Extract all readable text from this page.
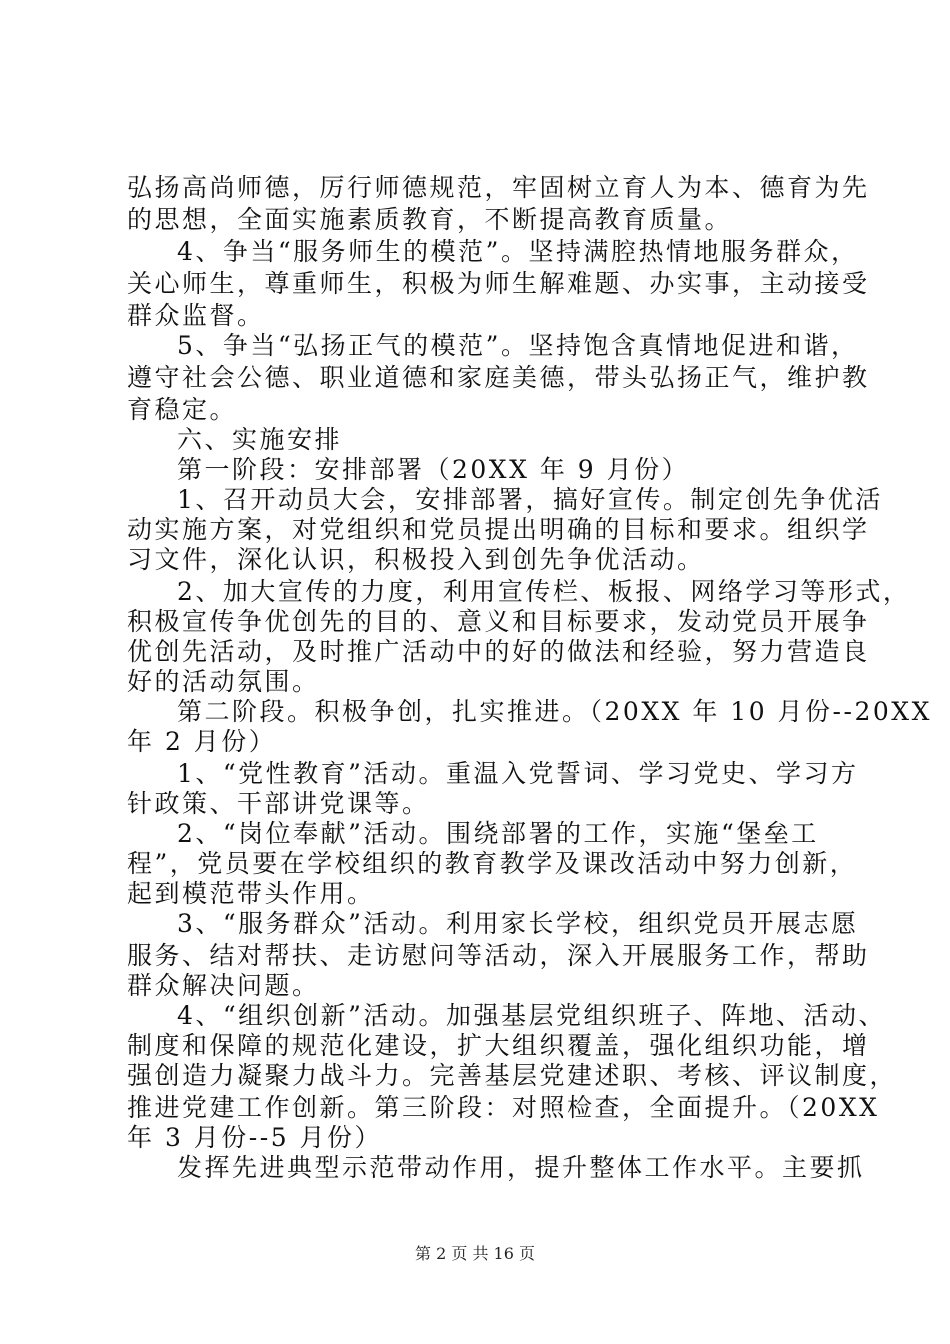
弘扬高尚师德，厉行师德规范，牢固树立育人为本、德育为先
的思想，全面实施素质教育，不断提高教育质量。
4、争当“服务师生的模范”。坚持满腔热情地服务群众，
关心师生，尊重师生，积极为师生解难题、办实事，主动接受
群众监督。
5、争当“弘扬正气的模范”。坚持饱含真情地促进和谐，
遵守社会公德、职业道德和家庭美德，带头弘扬正气，维护教
育稳定。
六、实施安排
第一阶段：安排部署（20XX 年 9 月份）
1、召开动员大会，安排部署，搞好宣传。制定创先争优活
动实施方案，对党组织和党员提出明确的目标和要求。组织学
习文件，深化认识，积极投入到创先争优活动。
2、加大宣传的力度，利用宣传栏、板报、网络学习等形式，
积极宣传争优创先的目的、意义和目标要求，发动党员开展争
优创先活动，及时推广活动中的好的做法和经验，努力营造良
好的活动氛围。
第二阶段。积极争创，扎实推进。（20XX 年 10 月份--20XX
年 2 月份）
1、“党性教育”活动。重温入党誓词、学习党史、学习方
针政策、干部讲党课等。
2、“岗位奉献”活动。围绕部署的工作，实施“堡垒工
程”，党员要在学校组织的教育教学及课改活动中努力创新，
起到模范带头作用。
3、“服务群众”活动。利用家长学校，组织党员开展志愿
服务、结对帮扶、走访慰问等活动，深入开展服务工作，帮助
群众解决问题。
4、“组织创新”活动。加强基层党组织班子、阵地、活动、
制度和保障的规范化建设，扩大组织覆盖，强化组织功能，增
强创造力凝聚力战斗力。完善基层党建述职、考核、评议制度，
推进党建工作创新。第三阶段：对照检查，全面提升。（20XX
年 3 月份--5 月份）
发挥先进典型示范带动作用，提升整体工作水平。主要抓
第 2 页 共 16 页
